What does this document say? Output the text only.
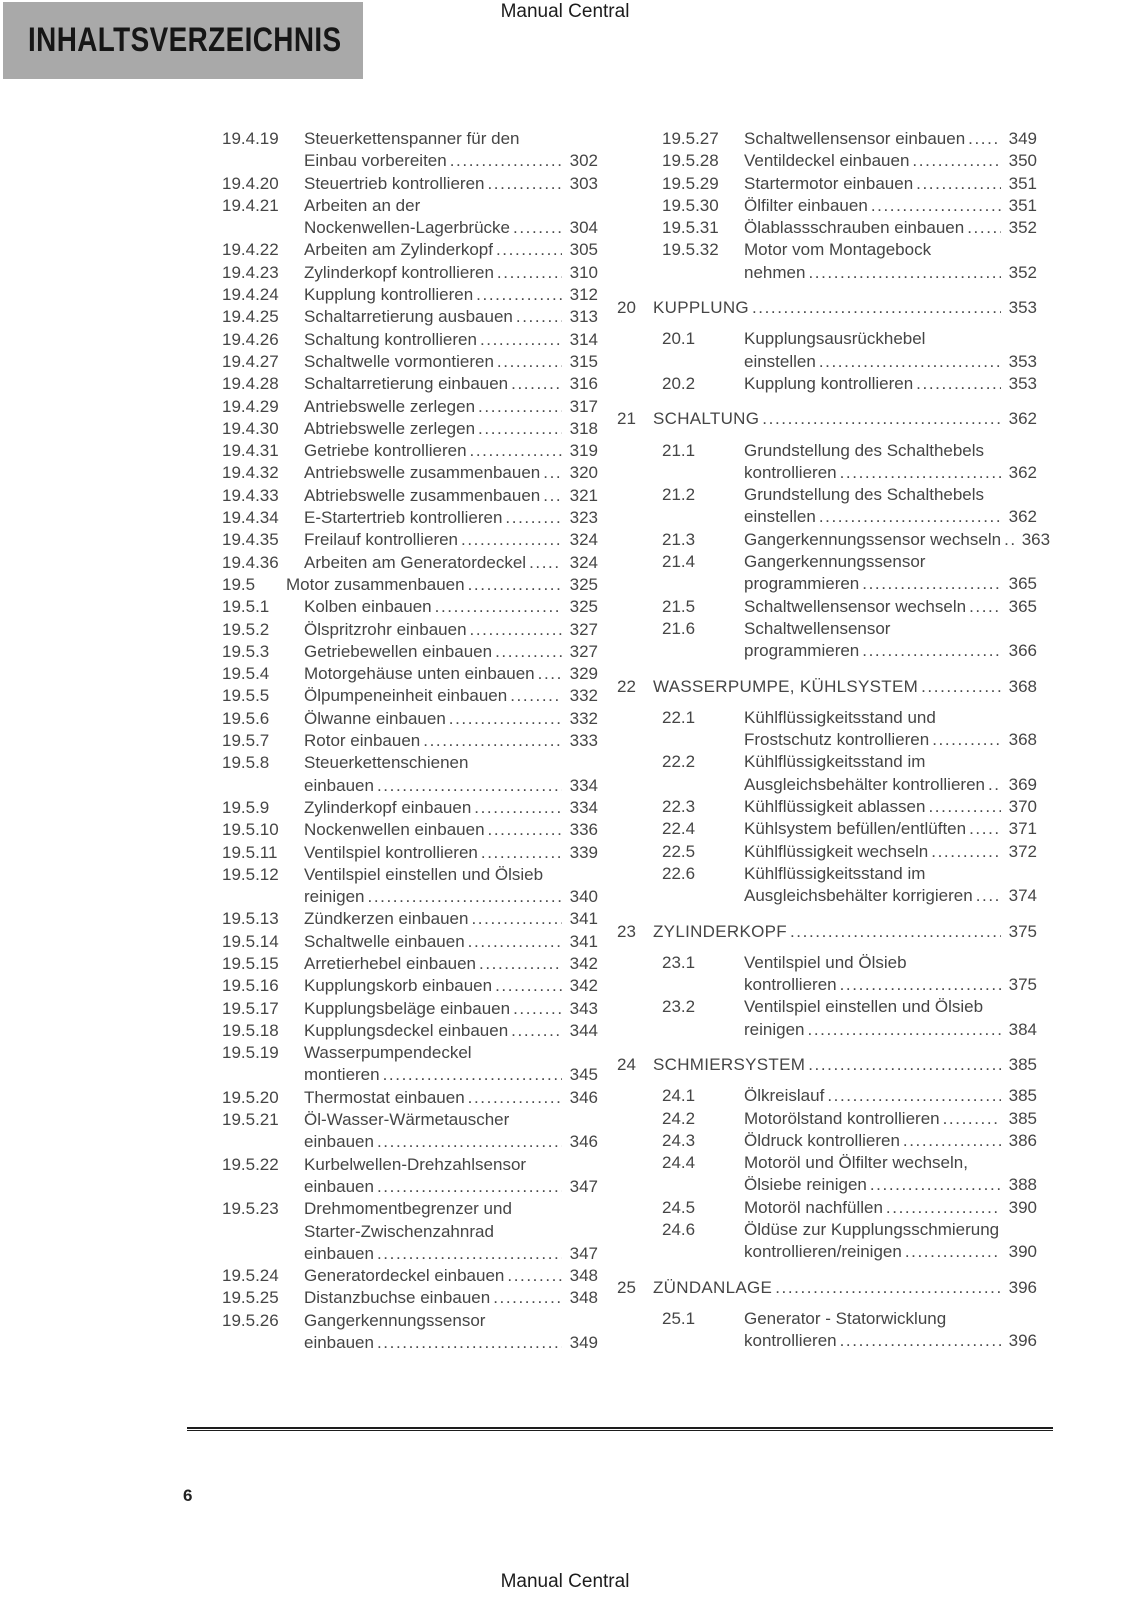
INHALTSVERZEICHNIS
Manual Central
19.4.19	Steuerkettenspanner für den
Einbau vorbereiten .....	302
19.4.20	Steuertrieb kontrollieren .....	303
19.4.21	Arbeiten an der
Nockenwellen-Lagerbrücke .....	304
19.4.22	Arbeiten am Zylinderkopf .....	305
19.4.23	Zylinderkopf kontrollieren .....	310
19.4.24	Kupplung kontrollieren .....	312
19.4.25	Schaltarretierung ausbauen .....	313
19.4.26	Schaltung kontrollieren .....	314
19.4.27	Schaltwelle vormontieren .....	315
19.4.28	Schaltarretierung einbauen .....	316
19.4.29	Antriebswelle zerlegen .....	317
19.4.30	Abtriebswelle zerlegen .....	318
19.4.31	Getriebe kontrollieren .....	319
19.4.32	Antriebswelle zusammenbauen ..... 320
19.4.33	Abtriebswelle zusammenbauen ..... 321
19.4.34	E-Startertrieb kontrollieren .....	323
19.4.35	Freilauf kontrollieren .....	324
19.4.36	Arbeiten am Generatordeckel .....	324
19.5	Motor zusammenbauen .....	325
19.5.1	Kolben einbauen .....	325
19.5.2	Ölspritzrohr einbauen .....	327
19.5.3	Getriebewellen einbauen .....	327
19.5.4	Motorgehäuse unten einbauen ..... 329
19.5.5	Ölpumpeneinheit einbauen .....	332
19.5.6	Ölwanne einbauen .....	332
19.5.7	Rotor einbauen .....	333
19.5.8	Steuerkettenschienen
einbauen .....	334
19.5.9	Zylinderkopf einbauen .....	334
19.5.10	Nockenwellen einbauen .....	336
19.5.11	Ventilspiel kontrollieren .....	339
19.5.12	Ventilspiel einstellen und Ölsieb
reinigen .....	340
19.5.13	Zündkerzen einbauen .....	341
19.5.14	Schaltwelle einbauen .....	341
19.5.15	Arretierhebel einbauen .....	342
19.5.16	Kupplungskorb einbauen .....	342
19.5.17	Kupplungsbeläge einbauen .....	343
19.5.18	Kupplungsdeckel einbauen .....	344
19.5.19	Wasserpumpendeckel
montieren .....	345
19.5.20	Thermostat einbauen .....	346
19.5.21	Öl-Wasser-Wärmetauscher
einbauen .....	346
19.5.22	Kurbelwellen-Drehzahlsensor
einbauen .....	347
19.5.23	Drehmomentbegrenzer und
Starter-Zwischenzahnrad
einbauen .....	347
19.5.24	Generatordeckel einbauen .....	348
19.5.25	Distanzbuchse einbauen .....	348
19.5.26	Gangerkennungssensor
einbauen .....	349
19.5.27	Schaltwellensensor einbauen .....	349
19.5.28	Ventildeckel einbauen .....	350
19.5.29	Startermotor einbauen .....	351
19.5.30	Ölfilter einbauen .....	351
19.5.31	Ölablassschrauben einbauen .....	352
19.5.32	Motor vom Montagebock
nehmen .....	352
20	KUPPLUNG .....	353
20.1	Kupplungsausrückhebel
einstellen .....	353
20.2	Kupplung kontrollieren .....	353
21	SCHALTUNG .....	362
21.1	Grundstellung des Schalthebels
kontrollieren .....	362
21.2	Grundstellung des Schalthebels
einstellen .....	362
21.3	Gangerkennungssensor wechseln ..... 363
21.4	Gangerkennungssensor
programmieren .....	365
21.5	Schaltwellensensor wechseln .....	365
21.6	Schaltwellensensor
programmieren .....	366
22	WASSERPUMPE, KÜHLSYSTEM .....	368
22.1	Kühlflüssigkeitsstand und
Frostschutz kontrollieren .....	368
22.2	Kühlflüssigkeitsstand im
Ausgleichsbehälter kontrollieren ..... 369
22.3	Kühlflüssigkeit ablassen .....	370
22.4	Kühlsystem befüllen/entlüften .....	371
22.5	Kühlflüssigkeit wechseln .....	372
22.6	Kühlflüssigkeitsstand im
Ausgleichsbehälter korrigieren ..... 374
23	ZYLINDERKOPF .....	375
23.1	Ventilspiel und Ölsieb
kontrollieren .....	375
23.2	Ventilspiel einstellen und Ölsieb
reinigen .....	384
24	SCHMIERSYSTEM .....	385
24.1	Ölkreislauf .....	385
24.2	Motorölstand kontrollieren .....	385
24.3	Öldruck kontrollieren .....	386
24.4	Motoröl und Ölfilter wechseln,
Ölsiebe reinigen .....	388
24.5	Motoröl nachfüllen .....	390
24.6	Öldüse zur Kupplungsschmierung
kontrollieren/reinigen .....	390
25	ZÜNDANLAGE .....	396
25.1	Generator - Statorwicklung
kontrollieren .....	396
6
Manual Central
